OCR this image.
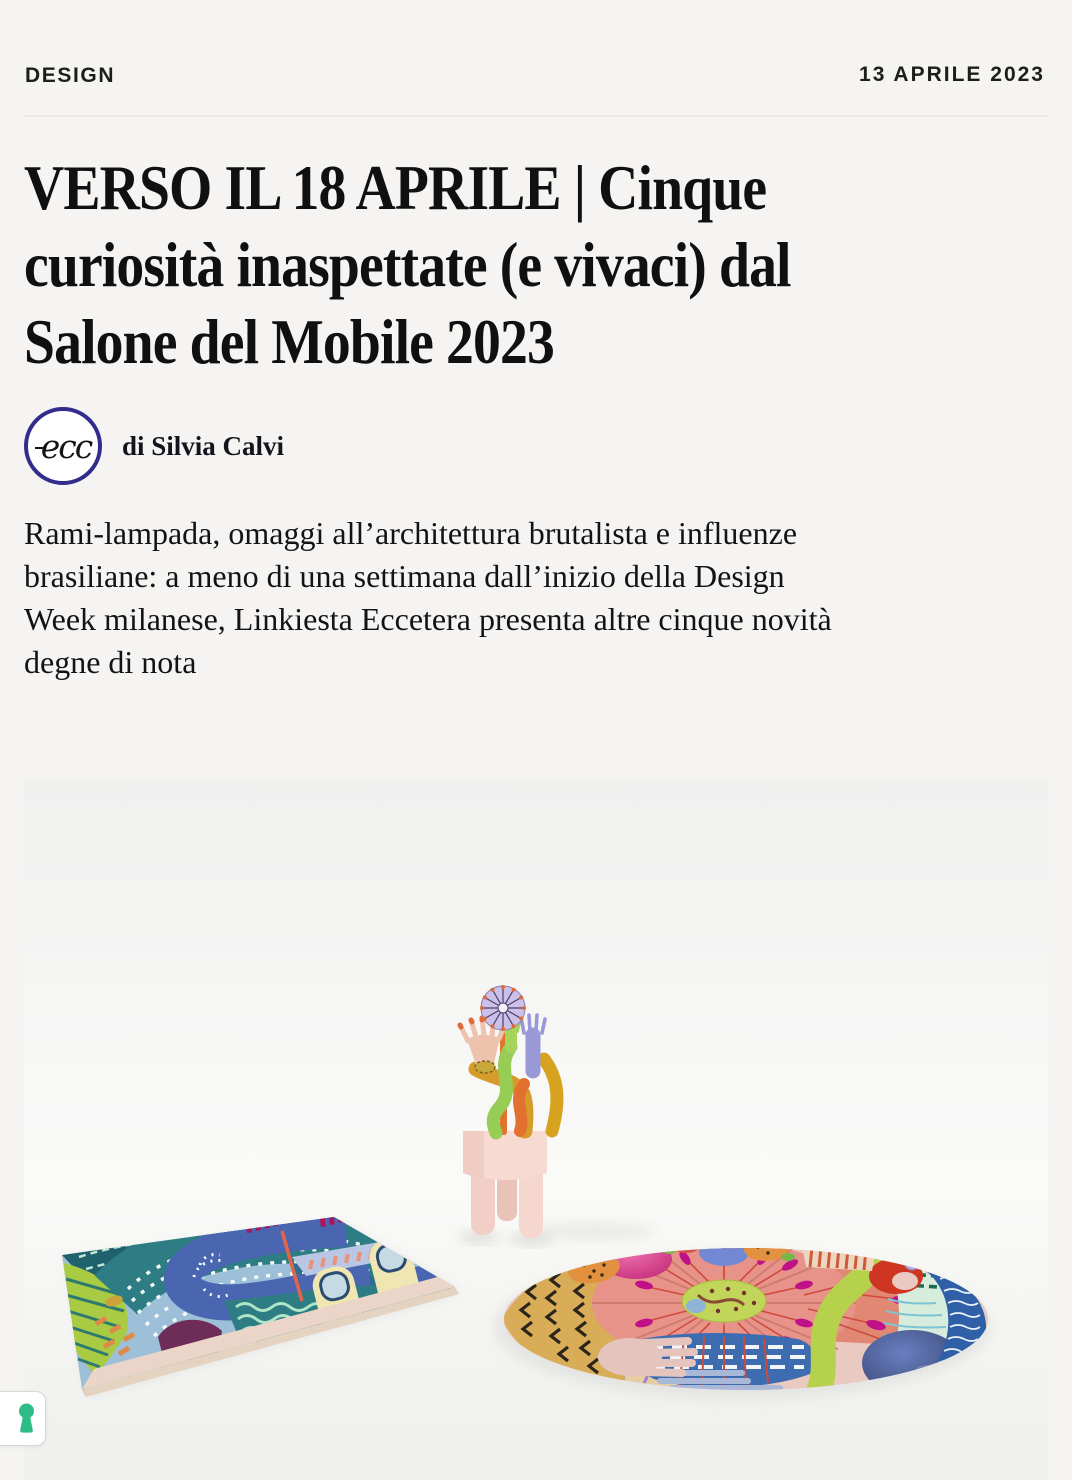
DESIGN	13 APRILE 2023
VERSO IL 18 APRILE | Cinque
curiosità inaspettate (e vivaci) dal
Salone del Mobile 2023
ecc di Silvia Calvi

Rami-lampada, omaggi all’architettura brutalista e influenze
brasiliane: a meno di una settimana dall’inizio della Design
Week milanese, Linkiesta Eccetera presenta altre cinque novità
degne di nota
